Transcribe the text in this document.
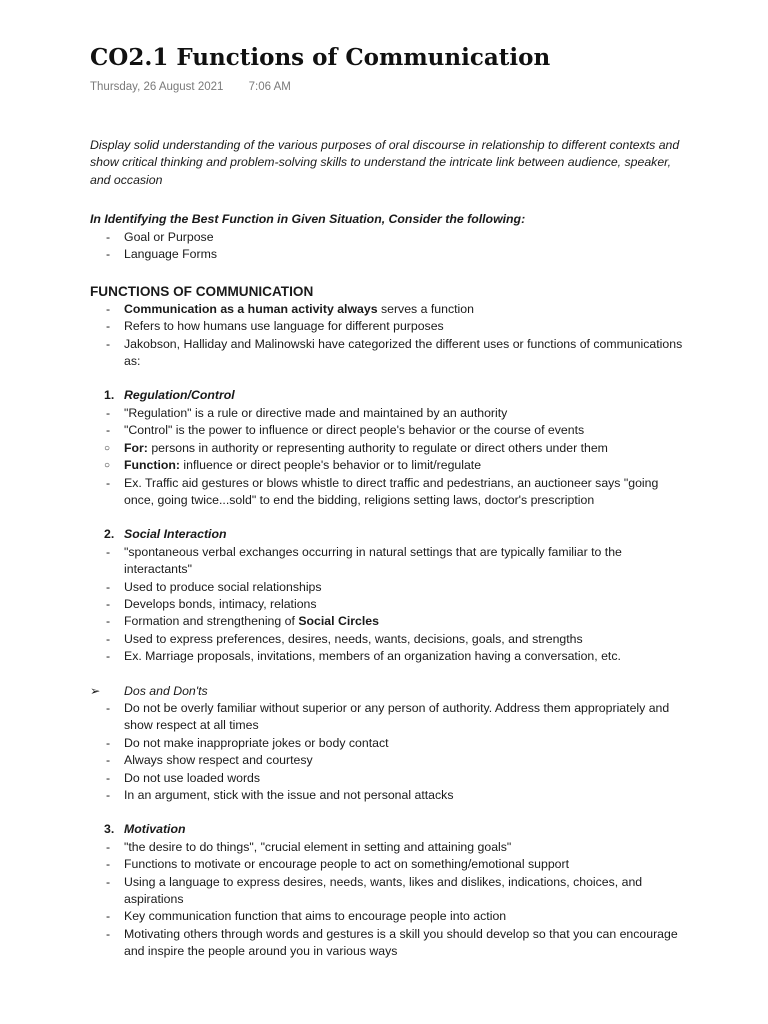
CO2.1 Functions of Communication
Thursday, 26 August 2021 7:06 AM

Display solid understanding of the various purposes of oral discourse in relationship to different contexts and show critical thinking and problem-solving skills to understand the intricate link between audience, speaker, and occasion

In Identifying the Best Function in Given Situation, Consider the following:

-	Goal or Purpose
-	Language Forms
FUNCTIONS OF COMMUNICATION
-	Communication as a human activity always serves a function
-	Refers to how humans use language for different purposes
-	Jakobson, Halliday and Malinowski have categorized the different uses or functions of communications as:
1. Regulation/Control
-	"Regulation" is a rule or directive made and maintained by an authority
-	"Control" is the power to influence or direct people's behavior or the course of events
○	For: persons in authority or representing authority to regulate or direct others under them
○	Function: influence or direct people's behavior or to limit/regulate
-	Ex. Traffic aid gestures or blows whistle to direct traffic and pedestrians, an auctioneer says "going once, going twice...sold" to end the bidding, religions setting laws, doctor's prescription
2. Social Interaction
-	"spontaneous verbal exchanges occurring in natural settings that are typically familiar to the interactants"
-	Used to produce social relationships
-	Develops bonds, intimacy, relations
-	Formation and strengthening of Social Circles
-	Used to express preferences, desires, needs, wants, decisions, goals, and strengths
-	Ex. Marriage proposals, invitations, members of an organization having a conversation, etc.
➢ Dos and Don'ts
-	Do not be overly familiar without superior or any person of authority. Address them appropriately and show respect at all times
-	Do not make inappropriate jokes or body contact
-	Always show respect and courtesy
-	Do not use loaded words
-	In an argument, stick with the issue and not personal attacks
3. Motivation
-	"the desire to do things", "crucial element in setting and attaining goals"
-	Functions to motivate or encourage people to act on something/emotional support
-	Using a language to express desires, needs, wants, likes and dislikes, indications, choices, and aspirations
-	Key communication function that aims to encourage people into action
-	Motivating others through words and gestures is a skill you should develop so that you can encourage and inspire the people around you in various ways
